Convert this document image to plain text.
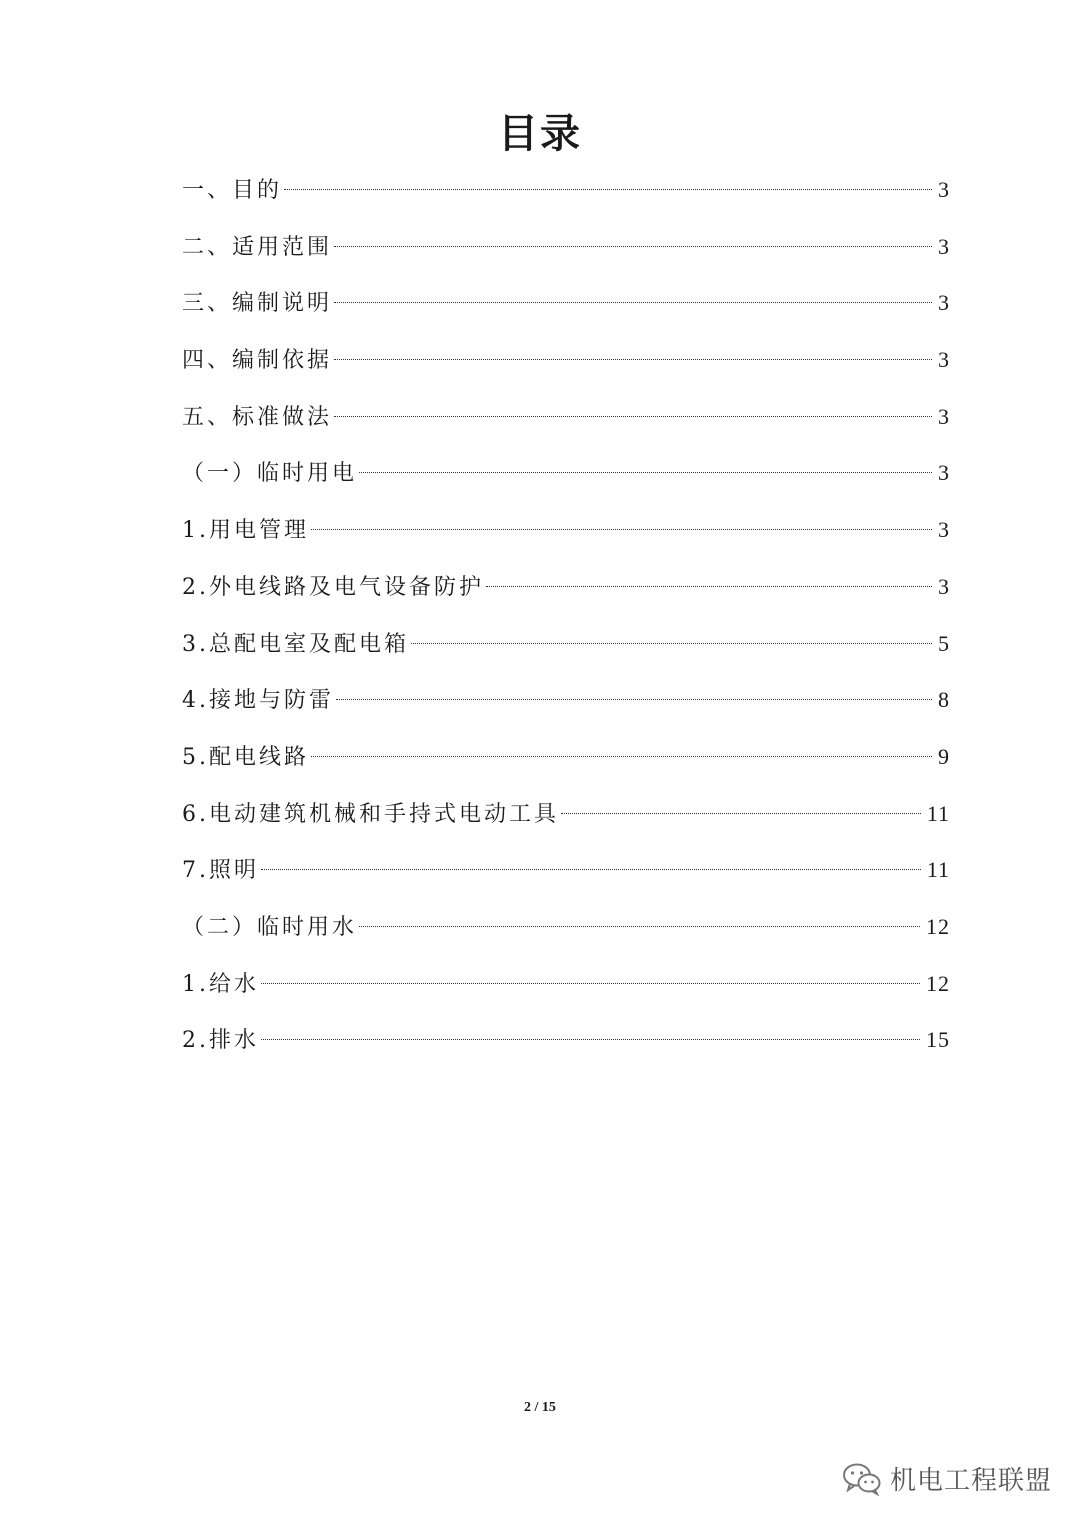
目录
一、目的	3
二、适用范围	3
三、编制说明	3
四、编制依据	3
五、标准做法	3
（一）临时用电	3
1.用电管理	3
2.外电线路及电气设备防护	3
3.总配电室及配电箱	5
4.接地与防雷	8
5.配电线路	9
6.电动建筑机械和手持式电动工具	11
7.照明	11
（二）临时用水	12
1.给水	12
2.排水	15
2 / 15
机电工程联盟
